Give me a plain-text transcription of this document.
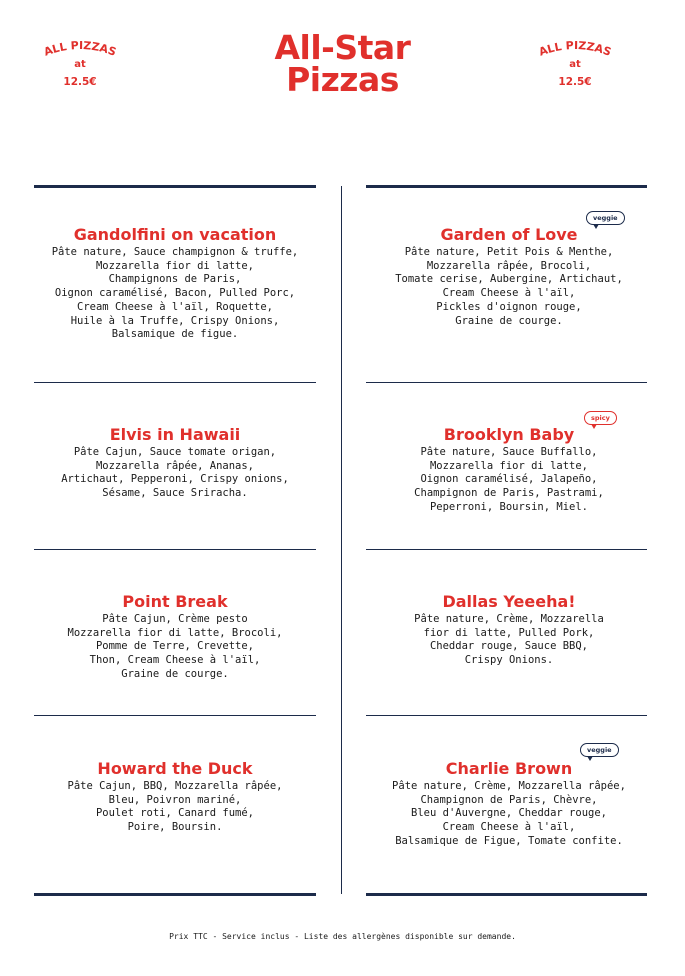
ALL PIZZAS
at
12.5€
All-Star
Pizzas
ALL PIZZAS
at
12.5€
Gandolfini on vacation
Pâte nature, Sauce champignon & truffe,
Mozzarella fior di latte,
Champignons de Paris,
Oignon caramélisé, Bacon, Pulled Porc,
Cream Cheese à l'aïl, Roquette,
Huile à la Truffe, Crispy Onions,
Balsamique de figue.
Garden of Love
Pâte nature, Petit Pois & Menthe,
Mozzarella râpée, Brocoli,
Tomate cerise, Aubergine, Artichaut,
Cream Cheese à l'aïl,
Pickles d'oignon rouge,
Graine de courge.
veggie
Elvis in Hawaii
Pâte Cajun, Sauce tomate origan,
Mozzarella râpée, Ananas,
Artichaut, Pepperoni, Crispy onions,
Sésame, Sauce Sriracha.
Brooklyn Baby
Pâte nature, Sauce Buffallo,
Mozzarella fior di latte,
Oignon caramélisé, Jalapeño,
Champignon de Paris, Pastrami,
Peperroni, Boursin, Miel.
spicy
Point Break
Pâte Cajun, Crème pesto
Mozzarella fior di latte, Brocoli,
Pomme de Terre, Crevette,
Thon, Cream Cheese à l'aïl,
Graine de courge.
Dallas Yeeeha!
Pâte nature, Crème, Mozzarella
fior di latte, Pulled Pork,
Cheddar rouge, Sauce BBQ,
Crispy Onions.
Howard the Duck
Pâte Cajun, BBQ, Mozzarella râpée,
Bleu, Poivron mariné,
Poulet roti, Canard fumé,
Poire, Boursin.
Charlie Brown
Pâte nature, Crème, Mozzarella râpée,
Champignon de Paris, Chèvre,
Bleu d'Auvergne, Cheddar rouge,
Cream Cheese à l'aïl,
Balsamique de Figue, Tomate confite.
veggie
Prix TTC - Service inclus - Liste des allergènes disponible sur demande.
